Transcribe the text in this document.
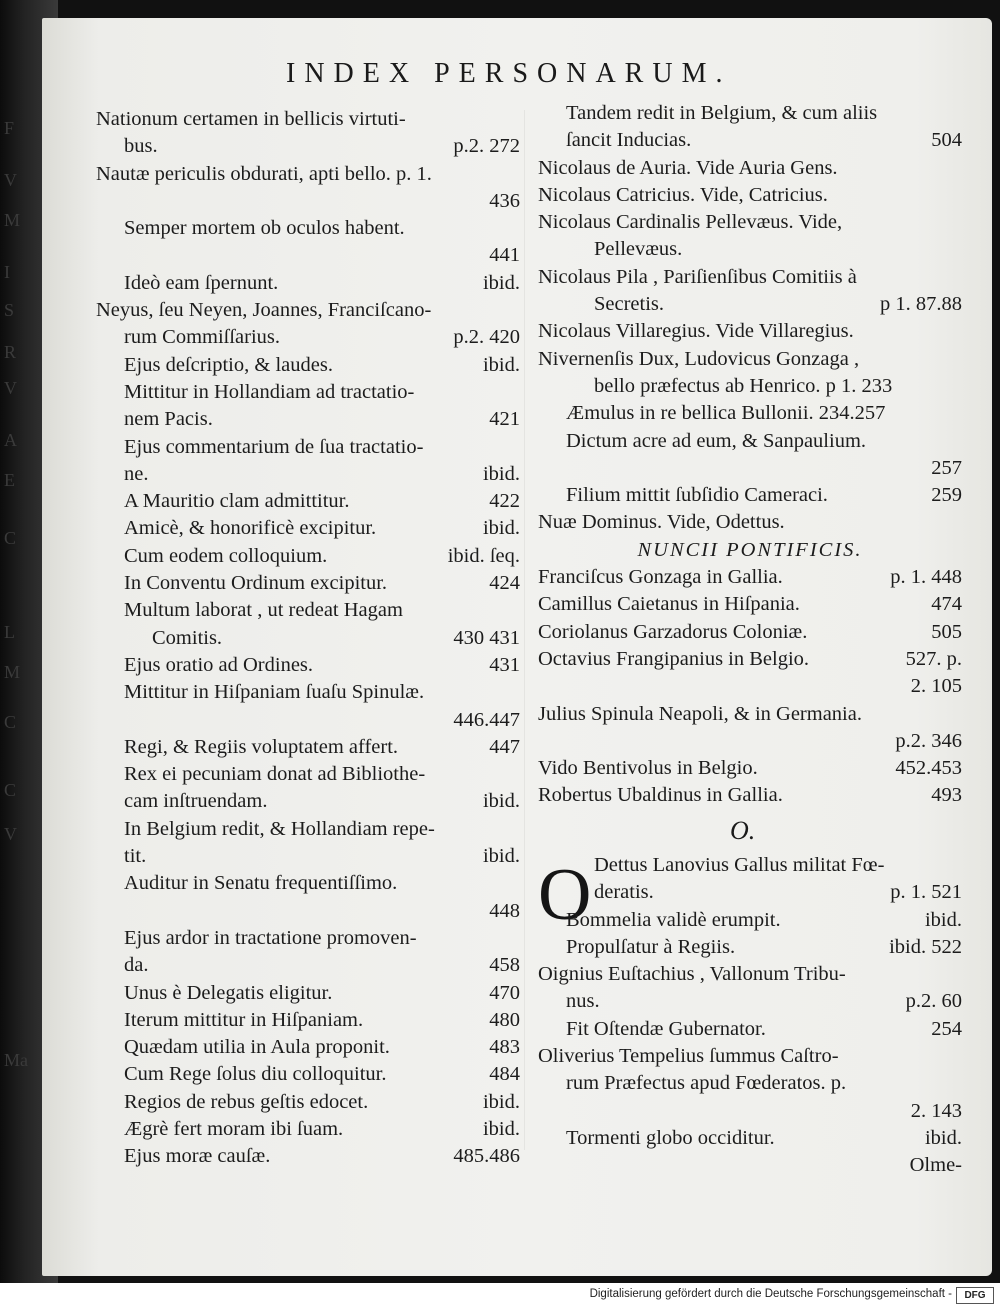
F
V
M
I
S
R
V
A
E
C
L
M
C
C
V
Ma
INDEX PERSONARUM.
Nationum certamen in bellicis virtuti-
bus.	p.2. 272
Nautæ periculis obdurati, apti bello. p. 1.
436
Semper mortem ob oculos habent.
441
Ideò eam ſpernunt.	ibid.
Neyus, ſeu Neyen, Joannes, Franciſcano-
rum Commiſſarius.	p.2. 420
Ejus deſcriptio, & laudes.	ibid.
Mittitur in Hollandiam ad tractatio-
nem Pacis.	421
Ejus commentarium de ſua tractatio-
ne.	ibid.
A Mauritio clam admittitur.	422
Amicè, & honorificè excipitur.	ibid.
Cum eodem colloquium.	ibid. ſeq.
In Conventu Ordinum excipitur.	424
Multum laborat , ut redeat Hagam
Comitis.	430 431
Ejus oratio ad Ordines.	431
Mittitur in Hiſpaniam ſuaſu Spinulæ.
446.447
Regi, & Regiis voluptatem affert.	447
Rex ei pecuniam donat ad Bibliothe-
cam inſtruendam.	ibid.
In Belgium redit, & Hollandiam repe-
tit.	ibid.
Auditur in Senatu frequentiſſimo.
448
Ejus ardor in tractatione promoven-
da.	458
Unus è Delegatis eligitur.	470
Iterum mittitur in Hiſpaniam.	480
Quædam utilia in Aula proponit.	483
Cum Rege ſolus diu colloquitur.	484
Regios de rebus geſtis edocet.	ibid.
Ægrè fert moram ibi ſuam.	ibid.
Ejus moræ cauſæ.	485.486
Tandem redit in Belgium, & cum aliis
ſancit Inducias.	504
Nicolaus de Auria. Vide Auria Gens.
Nicolaus Catricius. Vide, Catricius.
Nicolaus Cardinalis Pellevæus. Vide,
Pellevæus.
Nicolaus Pila , Pariſienſibus Comitiis à
Secretis.	p 1. 87.88
Nicolaus Villaregius. Vide Villaregius.
Nivernenſis Dux, Ludovicus Gonzaga ,
bello præfectus ab Henrico. p 1. 233
Æmulus in re bellica Bullonii. 234.257
Dictum acre ad eum, & Sanpaulium.
257
Filium mittit ſubſidio Cameraci.	259
Nuæ Dominus. Vide, Odettus.
NUNCII PONTIFICIS.
Franciſcus Gonzaga in Gallia.	p. 1. 448
Camillus Caietanus in Hiſpania.	474
Coriolanus Garzadorus Coloniæ.	505
Octavius Frangipanius in Belgio.	527. p.
2. 105
Julius Spinula Neapoli, & in Germania.
p.2. 346
Vido Bentivolus in Belgio.	452.453
Robertus Ubaldinus in Gallia.	493
O.
O Dettus Lanovius Gallus militat Fœ-
deratis.	p. 1. 521
Bommelia validè erumpit.	ibid.
Propulſatur à Regiis.	ibid. 522
Oignius Euſtachius , Vallonum Tribu-
nus.	p.2. 60
Fit Oſtendæ Gubernator.	254
Oliverius Tempelius ſummus Caſtro-
rum Præfectus apud Fœderatos. p.
2. 143
Tormenti globo occiditur.	ibid.
Olme-
Digitalisierung gefördert durch die Deutsche Forschungsgemeinschaft -	DFG
